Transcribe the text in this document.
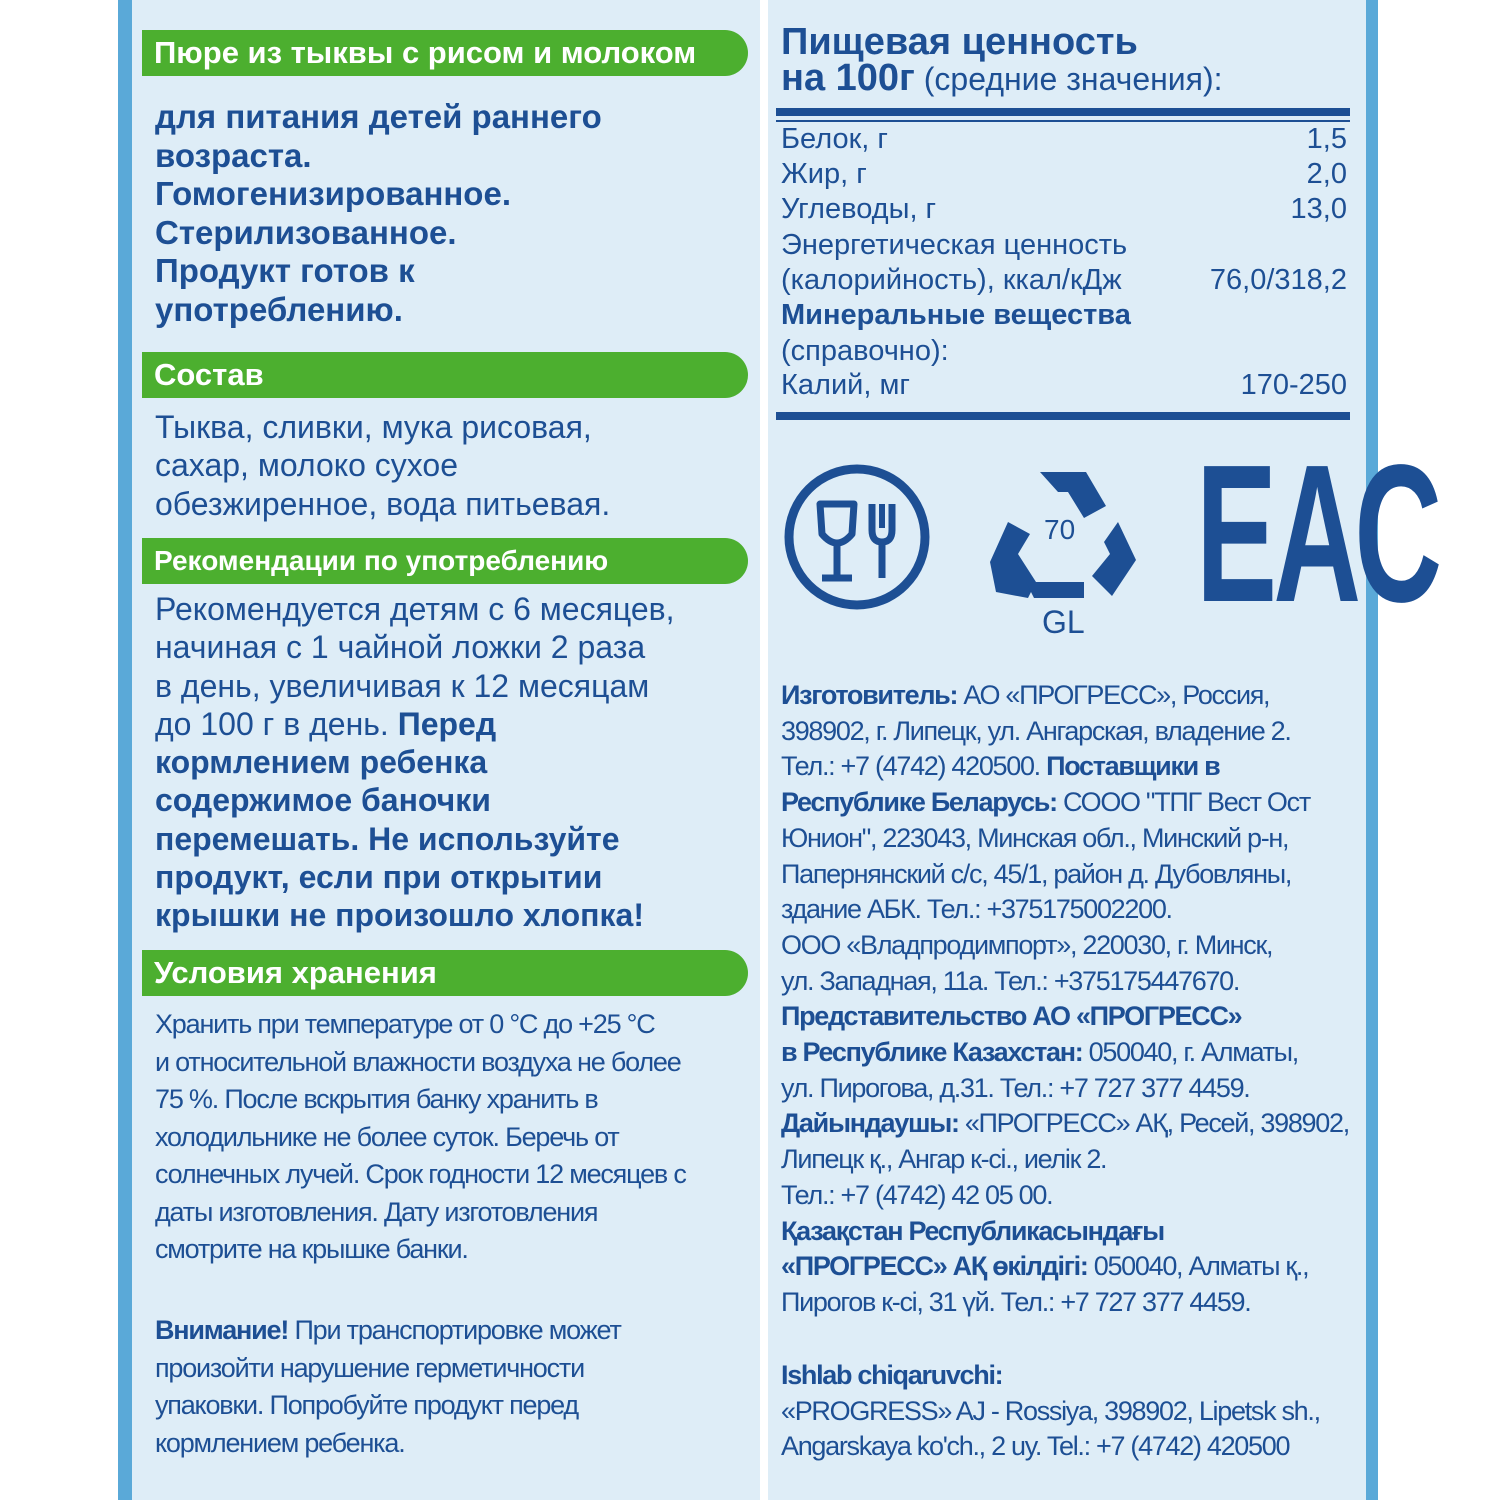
Пюре из тыквы с рисом и молоком
для питания детей раннего
возраста.
Гомогенизированное.
Стерилизованное.
Продукт готов к
употреблению.
Состав
Тыква, сливки, мука рисовая,
сахар, молоко сухое
обезжиренное, вода питьевая.
Рекомендации по употреблению
Рекомендуется детям с 6 месяцев,
начиная с 1 чайной ложки 2 раза
в день, увеличивая к 12 месяцам
до 100 г в день. Перед
кормлением ребенка
содержимое баночки
перемешать. Не используйте
продукт, если при открытии
крышки не произошло хлопка!
Условия хранения
Хранить при температуре от 0 °С до +25 °С
и относительной влажности воздуха не более
75 %. После вскрытия банку хранить в
холодильнике не более суток. Беречь от
солнечных лучей. Срок годности 12 месяцев с
даты изготовления. Дату изготовления
смотрите на крышке банки.
Внимание! При транспортировке может
произойти нарушение герметичности
упаковки. Попробуйте продукт перед
кормлением ребенка.
Пищевая ценность
на 100г (средние значения):
Белок, г	1,5
Жир, г	2,0
Углеводы, г	13,0
Энергетическая ценность
(калорийность), ккал/кДж	76,0/318,2
Минеральные вещества
(справочно):
Калий, мг	170-250
70
GL ЕАС
Изготовитель: АО «ПРОГРЕСС», Россия,
398902, г. Липецк, ул. Ангарская, владение 2.
Тел.: +7 (4742) 420500. Поставщики в
Республике Беларусь: СООО "ТПГ Вест Ост
Юнион", 223043, Минская обл., Минский р-н,
Папернянский с/с, 45/1, район д. Дубовляны,
здание АБК. Тел.: +375175002200.
ООО «Владпродимпорт», 220030, г. Минск,
ул. Западная, 11а. Тел.: +375175447670.
Представительство АО «ПРОГРЕСС»
в Республике Казахстан: 050040, г. Алматы,
ул. Пирогова, д.31. Тел.: +7 727 377 4459.
Дайындаушы: «ПРОГРЕСС» АҚ, Ресей, 398902,
Липецк қ., Ангар к-сі., иелік 2.
Тел.: +7 (4742) 42 05 00.
Қазақстан Республикасындағы
«ПРОГРЕСС» АҚ өкілдігі: 050040, Алматы қ.,
Пирогов к-сі, 31 үй. Тел.: +7 727 377 4459.
Ishlab chiqaruvchi:
«PROGRESS» AJ - Rossiya, 398902, Lipetsk sh.,
Angarskaya ko'ch., 2 uy. Tel.: +7 (4742) 420500
